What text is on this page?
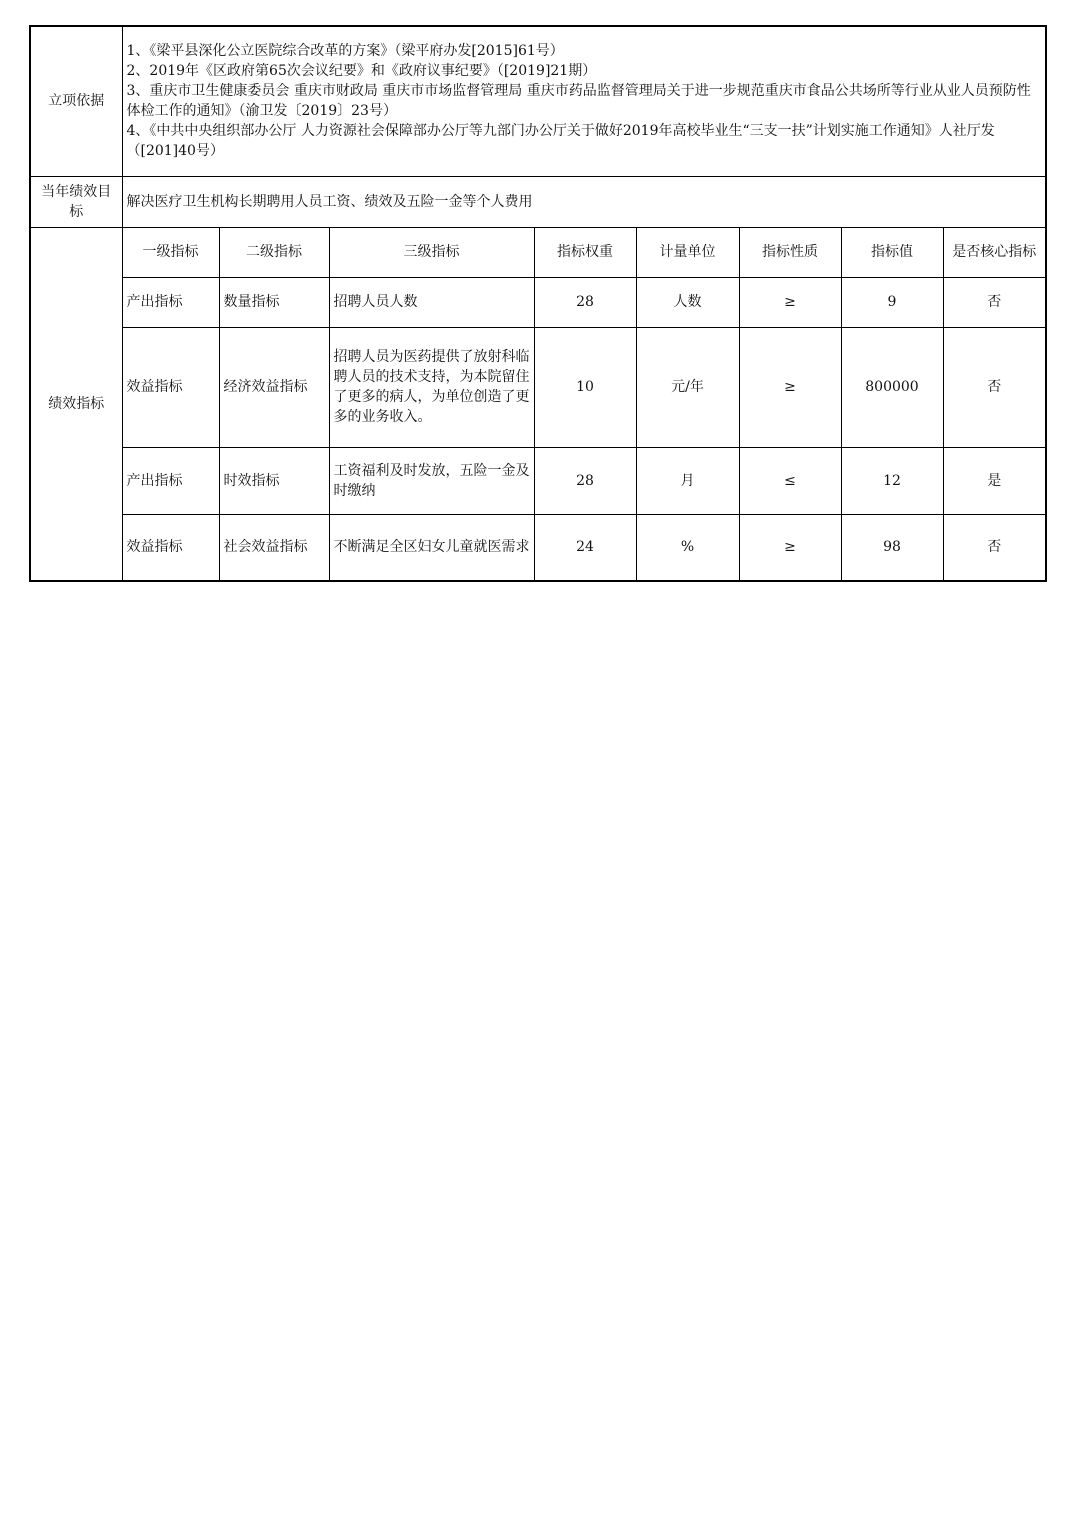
立项依据	1、《梁平县深化公立医院综合改革的方案》（梁平府办发[2015]61号）

2、2019年《区政府第65次会议纪要》和《政府议事纪要》（[2019]21期）

3、重庆市卫生健康委员会 重庆市财政局 重庆市市场监督管理局 重庆市药品监督管理局关于进一步规范重庆市食品公共场所等行业从业人员预防性体检工作的通知》（渝卫发〔2019〕23号）

4、《中共中央组织部办公厅 人力资源社会保障部办公厅等九部门办公厅关于做好2019年高校毕业生“三支一扶”计划实施工作通知》人社厅发（[201]40号）							

当年绩效目标	解决医疗卫生机构长期聘用人员工资、绩效及五险一金等个人费用							
绩效指标	一级指标	二级指标	三级指标	指标权重	计量单位	指标性质	指标值	是否核心指标
	产出指标	数量指标	招聘人员人数	28	人数	≥	9	否
	效益指标	经济效益指标	招聘人员为医药提供了放射科临聘人员的技术支持，为本院留住了更多的病人，为单位创造了更多的业务收入。	10	元/年	≥	800000	否
	产出指标	时效指标	工资福利及时发放，五险一金及时缴纳	28	月	≤	12	是
	效益指标	社会效益指标	不断满足全区妇女儿童就医需求	24	%	≥	98	否
